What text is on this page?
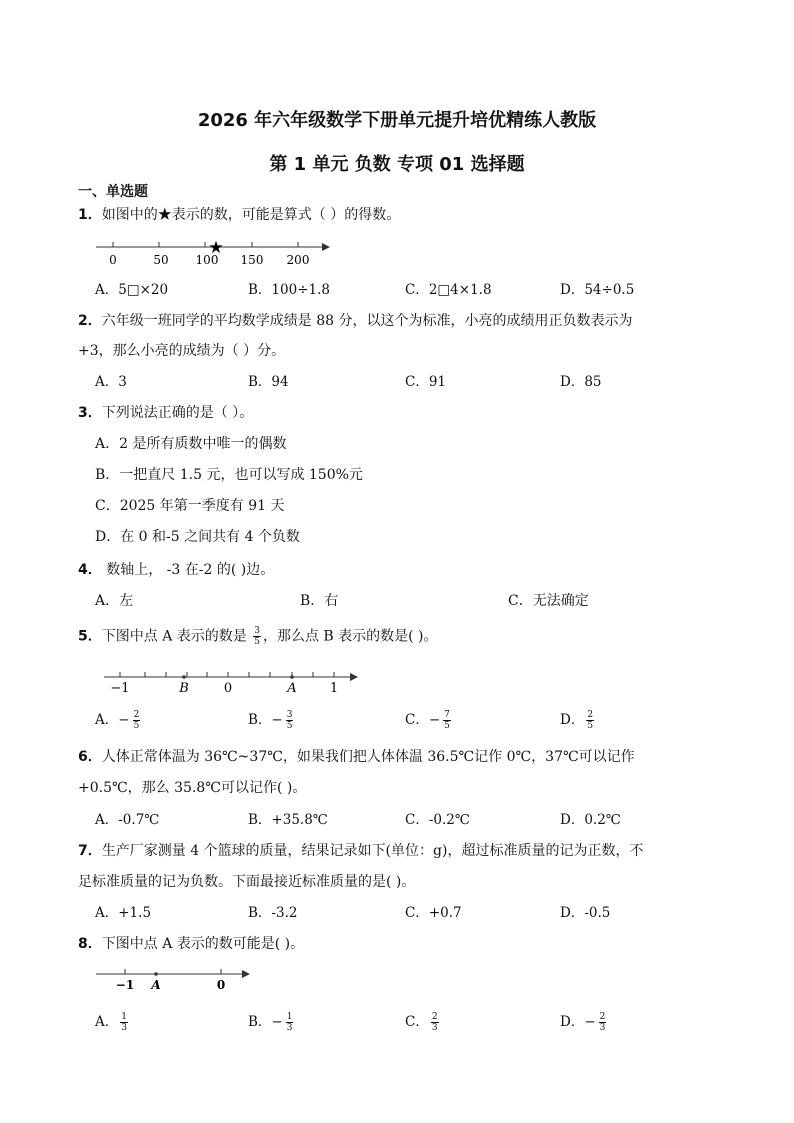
2026 年六年级数学下册单元提升培优精练人教版
第 1 单元 负数 专项 01 选择题
一、单选题
1．如图中的★表示的数，可能是算式（ ）的得数。
★
0	50 100 150 200
A．5□×20	B．100÷1.8	C．2□4×1.8	D．54÷0.5
2．六年级一班同学的平均数学成绩是 88 分，以这个为标准，小亮的成绩用正负数表示为
+3，那么小亮的成绩为（ ）分。
A．3	B．94	C．91	D．85
3．下列说法正确的是（ ）。
A．2 是所有质数中唯一的偶数
B．一把直尺 1.5 元，也可以写成 150%元
C．2025 年第一季度有 91 天
D．在 0 和-5 之间共有 4 个负数
4． 数轴上， -3 在-2 的( )边。
A．左	B．右	C．无法确定
5．下图中点 A 表示的数是 $\frac{3}{5}$ ，那么点 B 表示的数是( )。
−1	B	0	A	1
A．− $\frac{2}{5}$	B．− $\frac{3}{5}$	C．− $\frac{7}{5}$	D． $\frac{2}{5}$
6．人体正常体温为 36℃~37℃，如果我们把人体体温 36.5℃记作 0℃，37℃可以记作
+0.5℃，那么 35.8℃可以记作( )。
A．-0.7℃	B．+35.8℃	C．-0.2℃	D．0.2℃
7．生产厂家测量 4 个篮球的质量，结果记录如下(单位：g)，超过标准质量的记为正数，不
足标准质量的记为负数。下面最接近标准质量的是( )。
A．+1.5	B．-3.2	C．+0.7	D．-0.5
8．下图中点 A 表示的数可能是( )。
−1 A	0
A． $\frac{1}{3}$	B．− $\frac{1}{3}$	C． $\frac{2}{3}$	D．− $\frac{2}{3}$
